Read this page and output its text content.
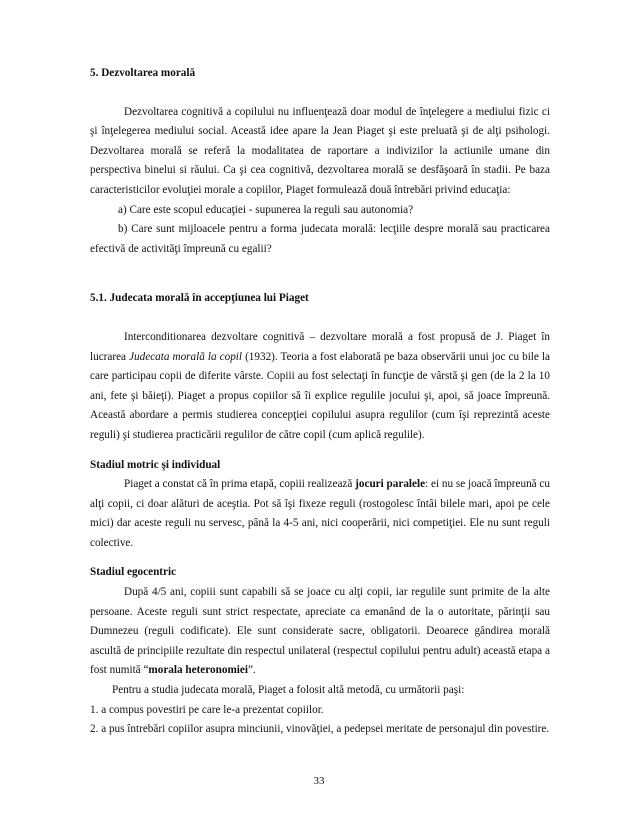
5. Dezvoltarea morală

Dezvoltarea cognitivă a copilului nu influenţează doar modul de înţelegere a mediului fizic ci şi înţelegerea mediului social. Această idee apare la Jean Piaget şi este preluată şi de alţi psihologi. Dezvoltarea morală se referă la modalitatea de raportare a indivizilor la actiunile umane din perspectiva binelui si răului. Ca şi cea cognitivă, dezvoltarea morală se desfăşoară în stadii. Pe baza caracteristicilor evoluţiei morale a copiilor, Piaget formulează două întrebări privind educaţia:

a) Care este scopul educaţiei - supunerea la reguli sau autonomia?

b) Care sunt mijloacele pentru a forma judecata morală: lecţiile despre morală sau practicarea efectivă de activităţi împreună cu egalii?

5.1. Judecata morală în accepţiunea lui Piaget

Interconditionarea dezvoltare cognitivă – dezvoltare morală a fost propusă de J. Piaget în lucrarea Judecata morală la copil (1932). Teoria a fost elaborată pe baza observării unui joc cu bile la care participau copii de diferite vârste. Copiii au fost selectaţi în funcţie de vârstă şi gen (de la 2 la 10 ani, fete şi băieţi). Piaget a propus copiilor să îi explice regulile jocului şi, apoi, să joace împreună. Această abordare a permis studierea concepţiei copilului asupra regulilor (cum îşi reprezintă aceste reguli) şi studierea practicării regulilor de către copil (cum aplică regulile).

Stadiul motric şi individual

Piaget a constat că în prima etapă, copiii realizează jocuri paralele: ei nu se joacă împreună cu alţi copii, ci doar alături de aceştia. Pot să îşi fixeze reguli (rostogolesc întâi bilele mari, apoi pe cele mici) dar aceste reguli nu servesc, până la 4-5 ani, nici cooperării, nici competiţiei. Ele nu sunt reguli colective.

Stadiul egocentric

După 4/5 ani, copiii sunt capabili să se joace cu alţi copii, iar regulile sunt primite de la alte persoane. Aceste reguli sunt strict respectate, apreciate ca emanând de la o autoritate, părinţii sau Dumnezeu (reguli codificate). Ele sunt considerate sacre, obligatorii. Deoarece gândirea morală ascultă de principiile rezultate din respectul unilateral (respectul copilului pentru adult) această etapa a fost numită “morala heteronomiei”.

Pentru a studia judecata morală, Piaget a folosit altă metodă, cu următorii paşi:

1. a compus povestiri pe care le-a prezentat copiilor.

2. a pus întrebări copiilor asupra minciunii, vinovăţiei, a pedepsei meritate de personajul din povestire.

33
